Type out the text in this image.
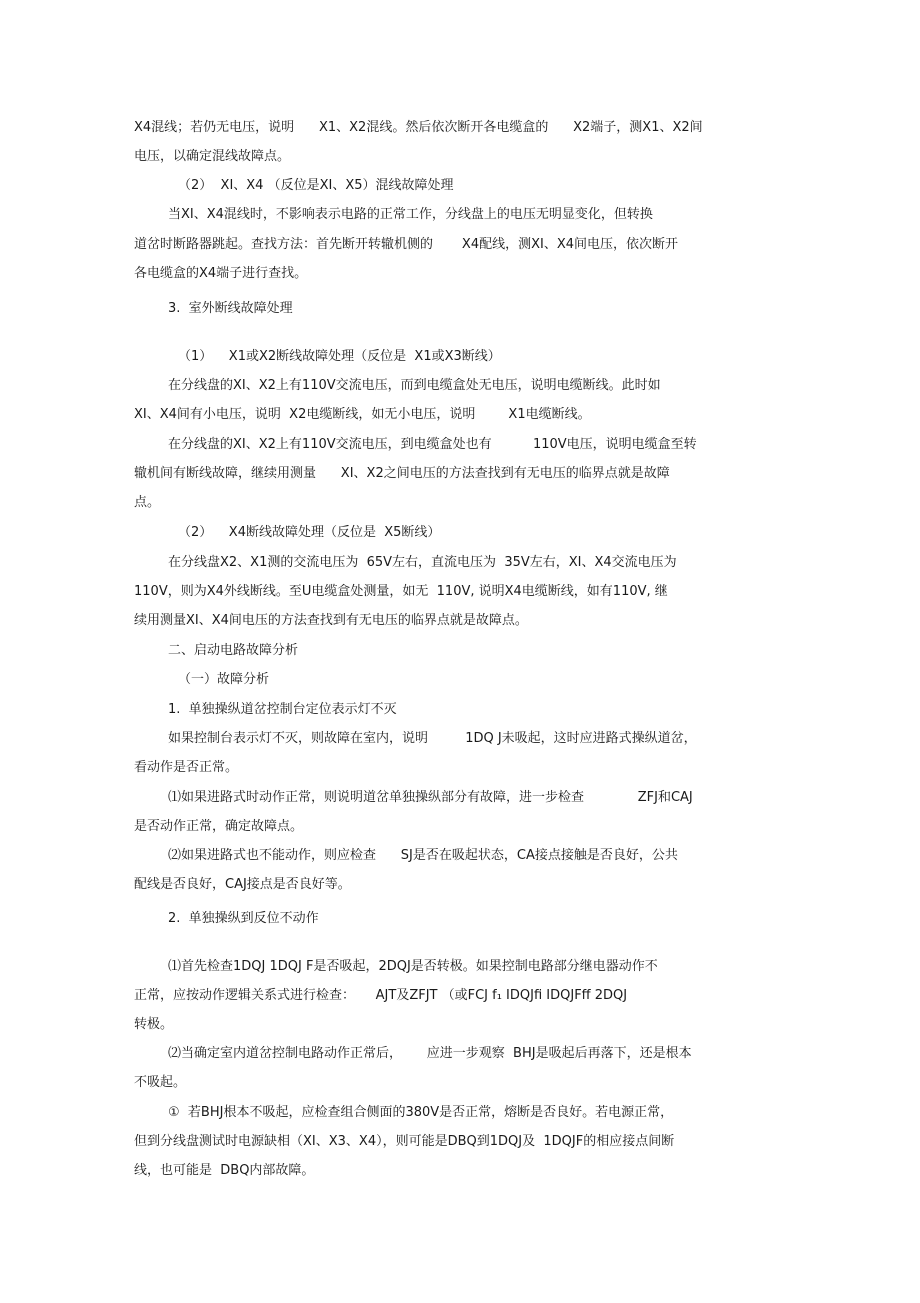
X4混线；若仍无电压，说明      X1、X2混线。然后依次断开各电缆盒的      X2端子，测X1、X2间
电压，以确定混线故障点。
（2）  XI、X4 （反位是XI、X5）混线故障处理
当XI、X4混线时，不影响表示电路的正常工作，分线盘上的电压无明显变化，但转换
道岔时断路器跳起。查找方法：首先断开转辙机侧的       X4配线，测XI、X4间电压，依次断开
各电缆盒的X4端子进行查找。
3.  室外断线故障处理
（1）    X1或X2断线故障处理（反位是  X1或X3断线）
在分线盘的XI、X2上有110V交流电压，而到电缆盒处无电压，说明电缆断线。此时如
XI、X4间有小电压，说明  X2电缆断线，如无小电压，说明        X1电缆断线。
在分线盘的XI、X2上有110V交流电压，到电缆盒处也有          110V电压，说明电缆盒至转
辙机间有断线故障，继续用测量      XI、X2之间电压的方法查找到有无电压的临界点就是故障
点。
（2）    X4断线故障处理（反位是  X5断线）
在分线盘X2、X1测的交流电压为  65V左右，直流电压为  35V左右，XI、X4交流电压为
110V，则为X4外线断线。至U电缆盒处测量，如无  110V, 说明X4电缆断线，如有110V, 继
续用测量XI、X4间电压的方法查找到有无电压的临界点就是故障点。
二、启动电路故障分析
（一）故障分析
1.  单独操纵道岔控制台定位表示灯不灭
如果控制台表示灯不灭，则故障在室内，说明         1DQ J未吸起，这时应进路式操纵道岔，
看动作是否正常。
⑴如果进路式时动作正常，则说明道岔单独操纵部分有故障，进一步检查             ZFJ和CAJ
是否动作正常，确定故障点。
⑵如果进路式也不能动作，则应检查      SJ是否在吸起状态，CA接点接触是否良好，公共
配线是否良好，CAJ接点是否良好等。
2.  单独操纵到反位不动作
⑴首先检查1DQJ 1DQJ F是否吸起，2DQJ是否转极。如果控制电路部分继电器动作不
正常，应按动作逻辑关系式进行检查：     AJT及ZFJT （或FCJ f₁ IDQJfi IDQJFff 2DQJ
转极。
⑵当确定室内道岔控制电路动作正常后，      应进一步观察  BHJ是吸起后再落下，还是根本
不吸起。
①  若BHJ根本不吸起，应检查组合侧面的380V是否正常，熔断是否良好。若电源正常，
但到分线盘测试时电源缺相（XI、X3、X4），则可能是DBQ到1DQJ及  1DQJF的相应接点间断
线，也可能是  DBQ内部故障。
